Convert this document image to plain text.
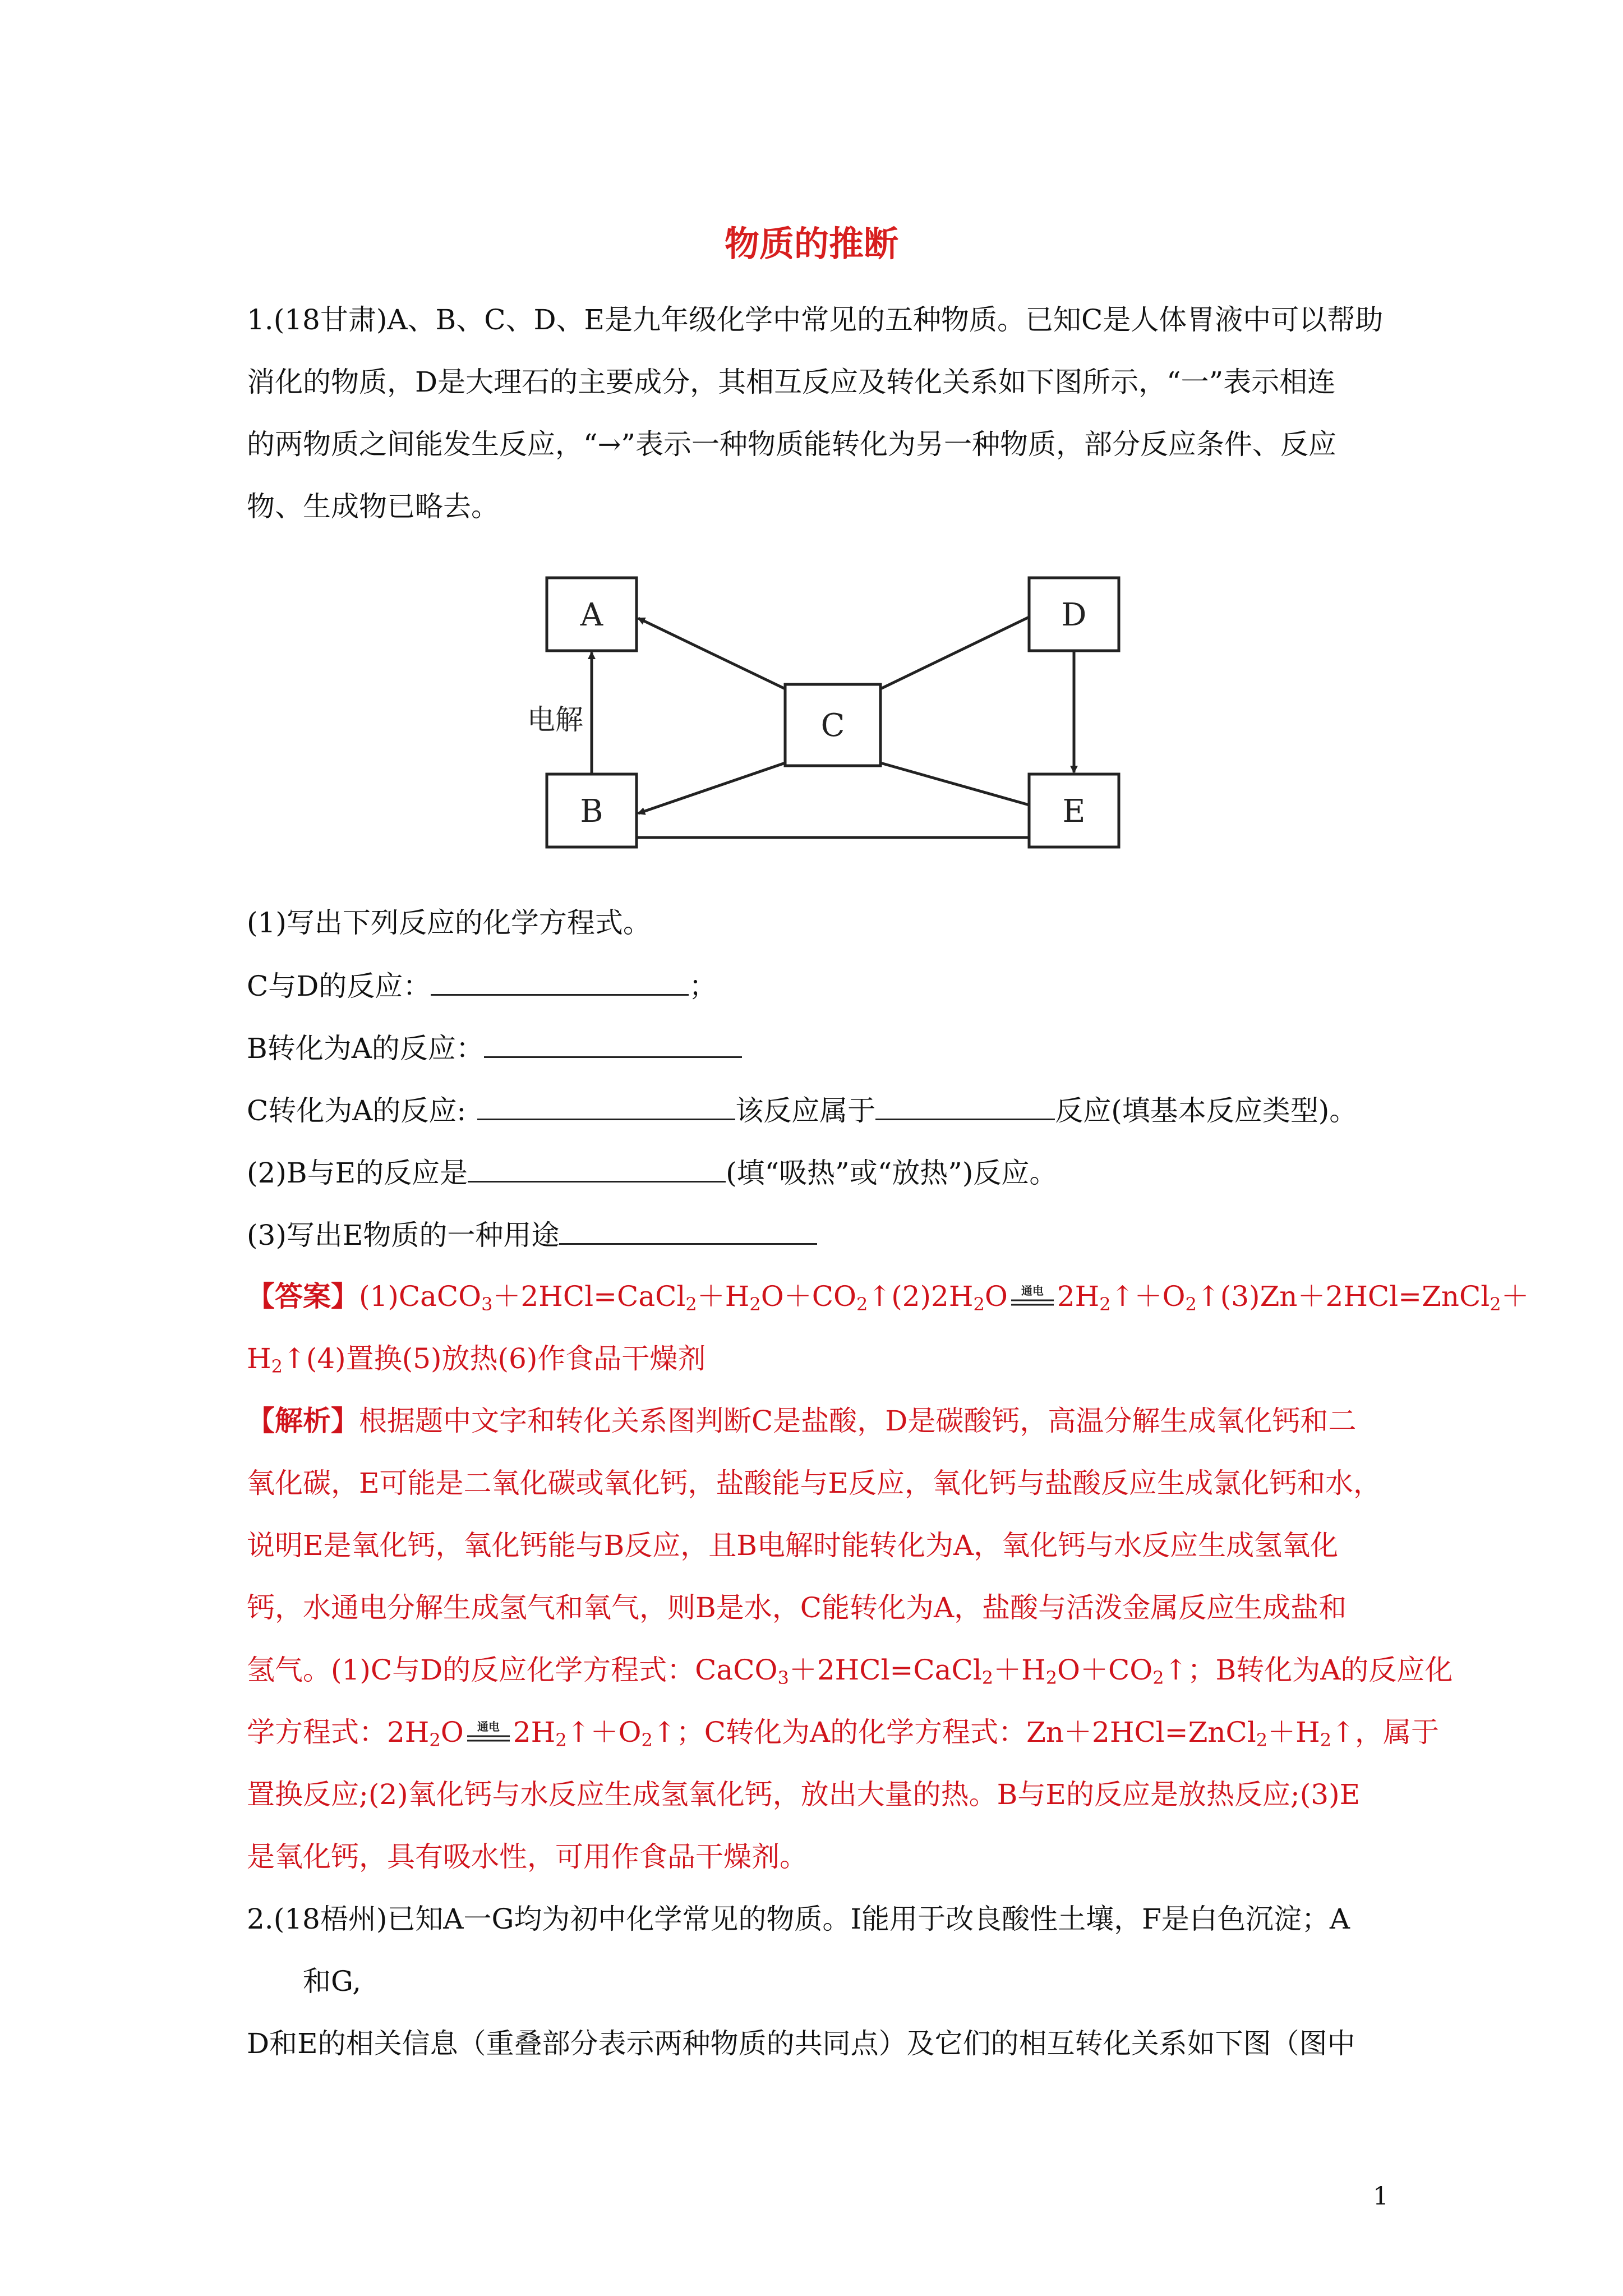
物质的推断
1.(18甘肃)A、B、C、D、E是九年级化学中常见的五种物质。已知C是人体胃液中可以帮助
消化的物质，D是大理石的主要成分，其相互反应及转化关系如下图所示，“一”表示相连
的两物质之间能发生反应，“→”表示一种物质能转化为另一种物质，部分反应条件、反应
物、生成物已略去。
A
B
C
D
E
电解
(1)写出下列反应的化学方程式。
C与D的反应：	；
B转化为A的反应：
C转化为A的反应:	该反应属于	反应(填基本反应类型)。
(2)B与E的反应是	(填“吸热”或“放热”)反应。
(3)写出E物质的一种用途
【答案】$(1)CaCO_3+2HCl=CaCl_2+H_2O+CO_2↑(2)2H_2O$ 通电 $2H_2↑+O_2↑(3)Zn+2HCl=ZnCl_2+$
$H_2↑(4)$置换(5)放热(6)作食品干燥剂
【解析】根据题中文字和转化关系图判断C是盐酸，D是碳酸钙，高温分解生成氧化钙和二
氧化碳，E可能是二氧化碳或氧化钙，盐酸能与E反应，氧化钙与盐酸反应生成氯化钙和水，
说明E是氧化钙，氧化钙能与B反应，且B电解时能转化为A，氧化钙与水反应生成氢氧化
钙，水通电分解生成氢气和氧气，则B是水，C能转化为A，盐酸与活泼金属反应生成盐和
氢气。(1)C与D的反应化学方程式：$CaCO_3+2HCl=CaCl_2+H_2O+CO_2↑$；B转化为A的反应化
学方程式：$2H_2O$ 通电 $2H_2↑+O_2↑$；C转化为A的化学方程式：$Zn+2HCl=ZnCl_2+H_2↑$，属于
置换反应;(2)氧化钙与水反应生成氢氧化钙，放出大量的热。B与E的反应是放热反应;(3)E
是氧化钙，具有吸水性，可用作食品干燥剂。
2.(18梧州)已知A一G均为初中化学常见的物质。I能用于改良酸性土壤，F是白色沉淀；A
和G,
D和E的相关信息（重叠部分表示两种物质的共同点）及它们的相互转化关系如下图（图中
1
